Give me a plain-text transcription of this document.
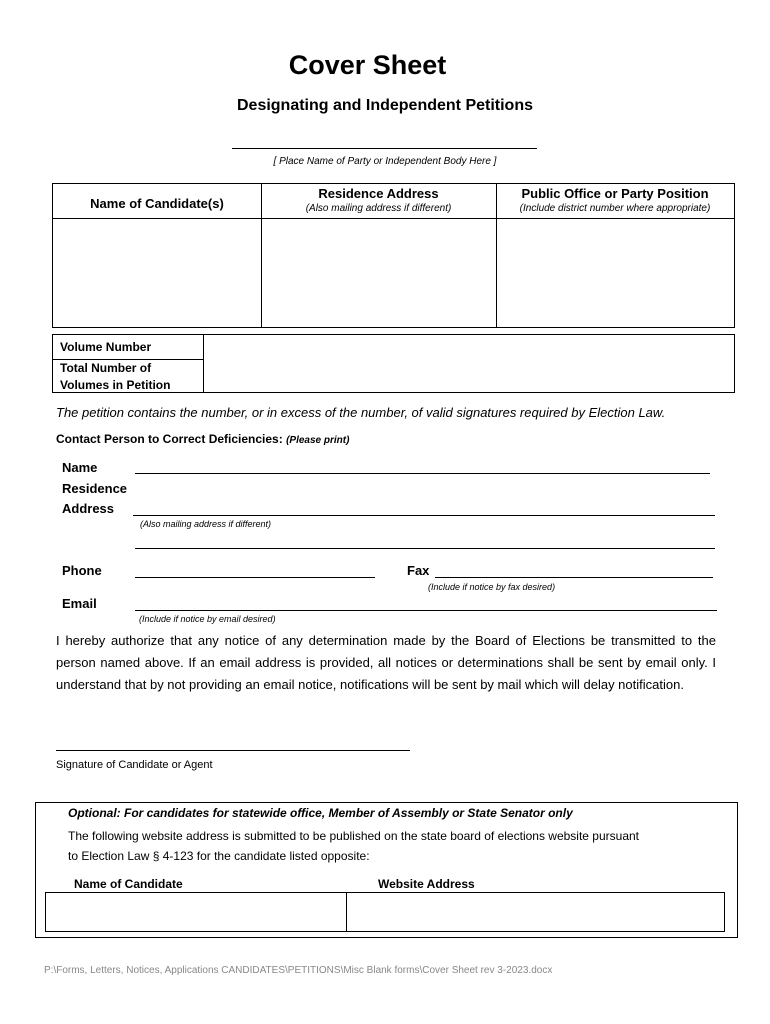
Cover Sheet
Designating and Independent Petitions
[ Place Name of Party or Independent Body Here ]
Name of Candidate(s)
Residence Address
(Also mailing address if different)
Public Office or Party Position
(Include district number where appropriate)
Volume Number
Total Number of
Volumes in Petition
The petition contains the number, or in excess of the number, of valid signatures required by Election Law.
Contact Person to Correct Deficiencies: (Please print)
Name
Residence
Address
(Also mailing address if different)
Phone	Fax
(Include if notice by fax desired)
Email
(Include if notice by email desired)
I hereby authorize that any notice of any determination made by the Board of Elections be transmitted to the person named above. If an email address is provided, all notices or determinations shall be sent by email only. I understand that by not providing an email notice, notifications will be sent by mail which will delay notification.
Signature of Candidate or Agent
Optional: For candidates for statewide office, Member of Assembly or State Senator only
The following website address is submitted to be published on the state board of elections website pursuant
to Election Law § 4-123 for the candidate listed opposite:
Name of Candidate	Website Address
P:\Forms, Letters, Notices, Applications CANDIDATES\PETITIONS\Misc Blank forms\Cover Sheet rev 3-2023.docx
